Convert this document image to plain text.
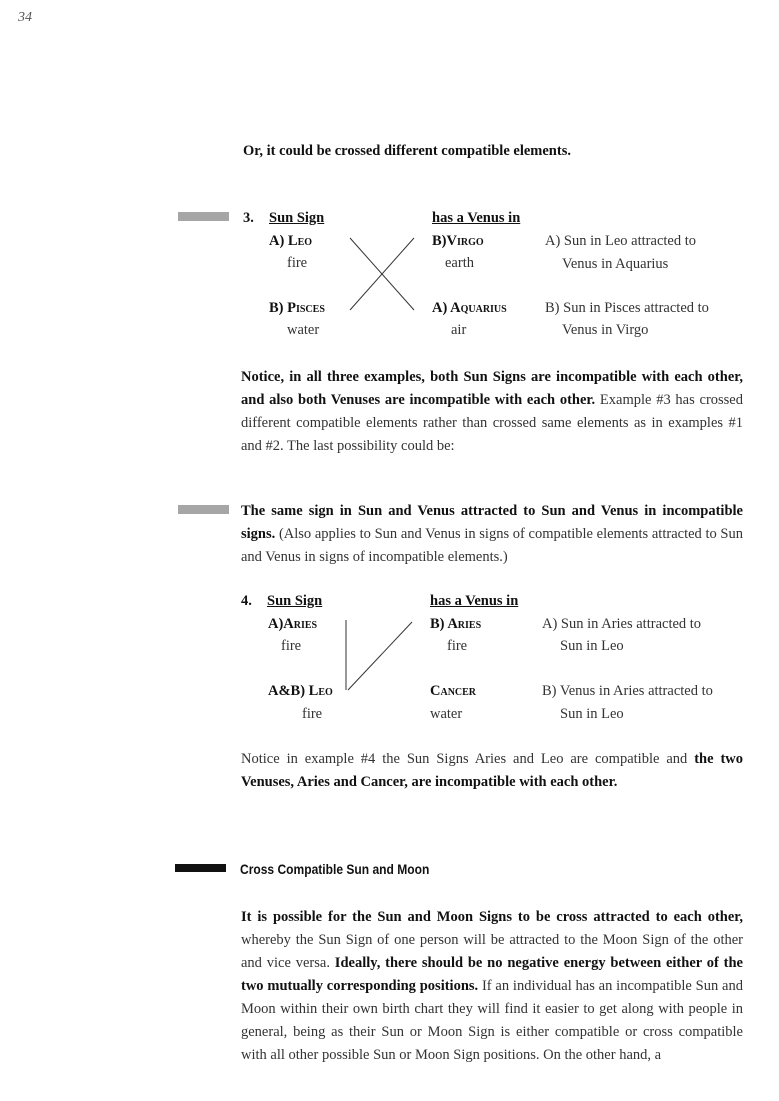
34
Or, it could be crossed different compatible elements.
3. Sun Sign	has a Venus in
A) Leo
fire
B) Pisces
water
B)Virgo
earth
A) Aquarius
air
A) Sun in Leo attracted to
Venus in Aquarius
B) Sun in Pisces attracted to
Venus in Virgo
Notice, in all three examples, both Sun Signs are incompatible with each other, and also both Venuses are incompatible with each other. Example #3 has crossed different compatible elements rather than crossed same elements as in examples #1 and #2. The last possibility could be:
The same sign in Sun and Venus attracted to Sun and Venus in incompatible signs. (Also applies to Sun and Venus in signs of compatible elements attracted to Sun and Venus in signs of incompatible elements.)
4. Sun Sign	has a Venus in
A)Aries
fire
A&B) Leo
fire
B) Aries
fire
Cancer
water
A) Sun in Aries attracted to
Sun in Leo
B) Venus in Aries attracted to
Sun in Leo
Notice in example #4 the Sun Signs Aries and Leo are compatible and the two Venuses, Aries and Cancer, are incompatible with each other.
Cross Compatible Sun and Moon
It is possible for the Sun and Moon Signs to be cross attracted to each other, whereby the Sun Sign of one person will be attracted to the Moon Sign of the other and vice versa. Ideally, there should be no negative energy between either of the two mutually corresponding positions. If an individual has an incompatible Sun and Moon within their own birth chart they will find it easier to get along with people in general, being as their Sun or Moon Sign is either compatible or cross compatible with all other possible Sun or Moon Sign positions. On the other hand, a
